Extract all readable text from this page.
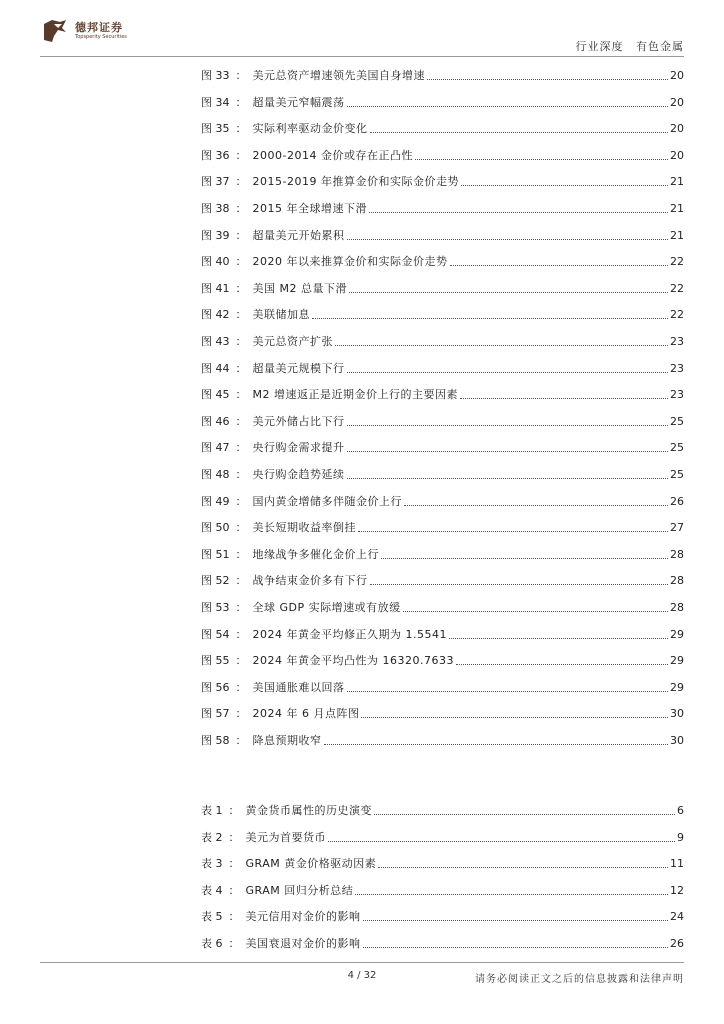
德邦证券
Topsperity Securities
行业深度 有色金属
图 33 ： 美元总资产增速领先美国自身增速	20
图 34 ： 超量美元窄幅震荡	20
图 35 ： 实际利率驱动金价变化	20
图 36 ： 2000-2014 金价或存在正凸性	20
图 37 ： 2015-2019 年推算金价和实际金价走势	21
图 38 ： 2015 年全球增速下滑	21
图 39 ： 超量美元开始累积	21
图 40 ： 2020 年以来推算金价和实际金价走势	22
图 41 ： 美国 M2 总量下滑	22
图 42 ： 美联储加息	22
图 43 ： 美元总资产扩张	23
图 44 ： 超量美元规模下行	23
图 45 ： M2 增速返正是近期金价上行的主要因素	23
图 46 ： 美元外储占比下行	25
图 47 ： 央行购金需求提升	25
图 48 ： 央行购金趋势延续	25
图 49 ： 国内黄金增储多伴随金价上行	26
图 50 ： 美长短期收益率倒挂	27
图 51 ： 地缘战争多催化金价上行	28
图 52 ： 战争结束金价多有下行	28
图 53 ： 全球 GDP 实际增速或有放缓	28
图 54 ： 2024 年黄金平均修正久期为 1.5541	29
图 55 ： 2024 年黄金平均凸性为 16320.7633	29
图 56 ： 美国通胀难以回落	29
图 57 ： 2024 年 6 月点阵图	30
图 58 ： 降息预期收窄	30
表 1 ： 黄金货币属性的历史演变	6
表 2 ： 美元为首要货币	9
表 3 ： GRAM 黄金价格驱动因素	11
表 4 ： GRAM 回归分析总结	12
表 5 ： 美元信用对金价的影响	24
表 6 ： 美国衰退对金价的影响	26
4 / 32	请务必阅读正文之后的信息披露和法律声明
